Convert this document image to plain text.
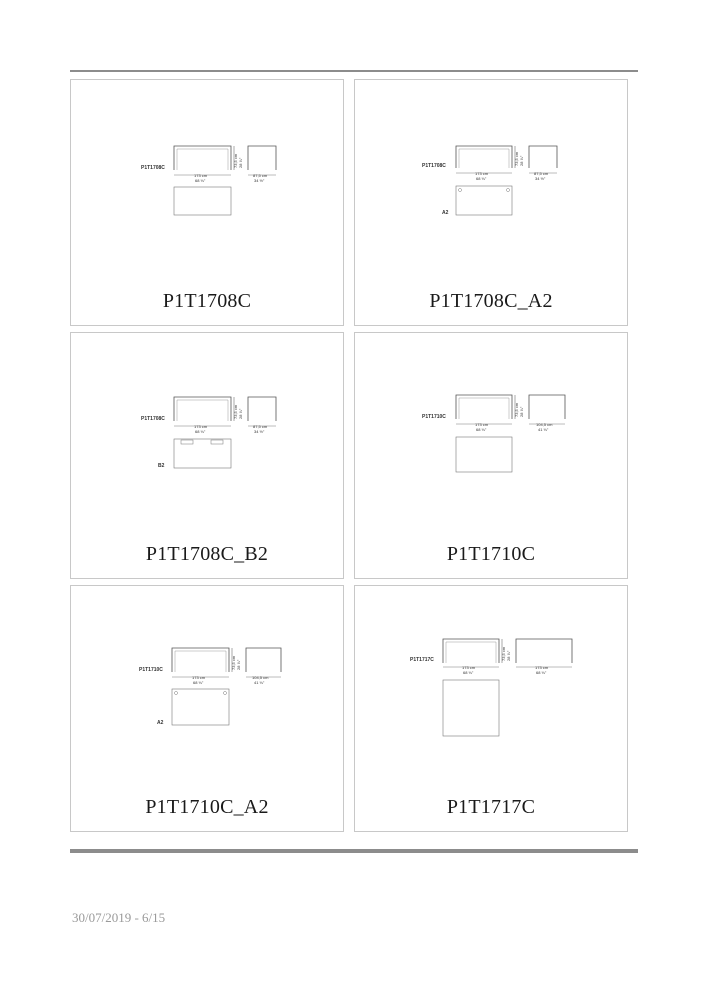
P1T1708C	73,5 cm 28 ⅞"
173 cm
68 ⅛"
87,5 cm
34 ½"
P1T1708C
P1T1708C	73,5 cm 28 ⅞"
173 cm
68 ⅛"
87,5 cm
34 ½"
A2
P1T1708C_A2
P1T1708C	73,5 cm 28 ⅞"
173 cm
68 ⅛"
87,5 cm
34 ½"
B2
P1T1708C_B2
P1T1710C	73,5 cm 28 ⅞"
173 cm
68 ⅛"
104,5 cm
41 ⅛"
P1T1710C
P1T1710C	73,5 cm 28 ⅞"
173 cm
68 ⅛"
104,5 cm
41 ⅛"
A2
P1T1710C_A2
P1T1717C	73,5 cm 28 ⅞"
173 cm
68 ⅛"
173 cm
68 ⅛"
P1T1717C
30/07/2019 - 6/15
